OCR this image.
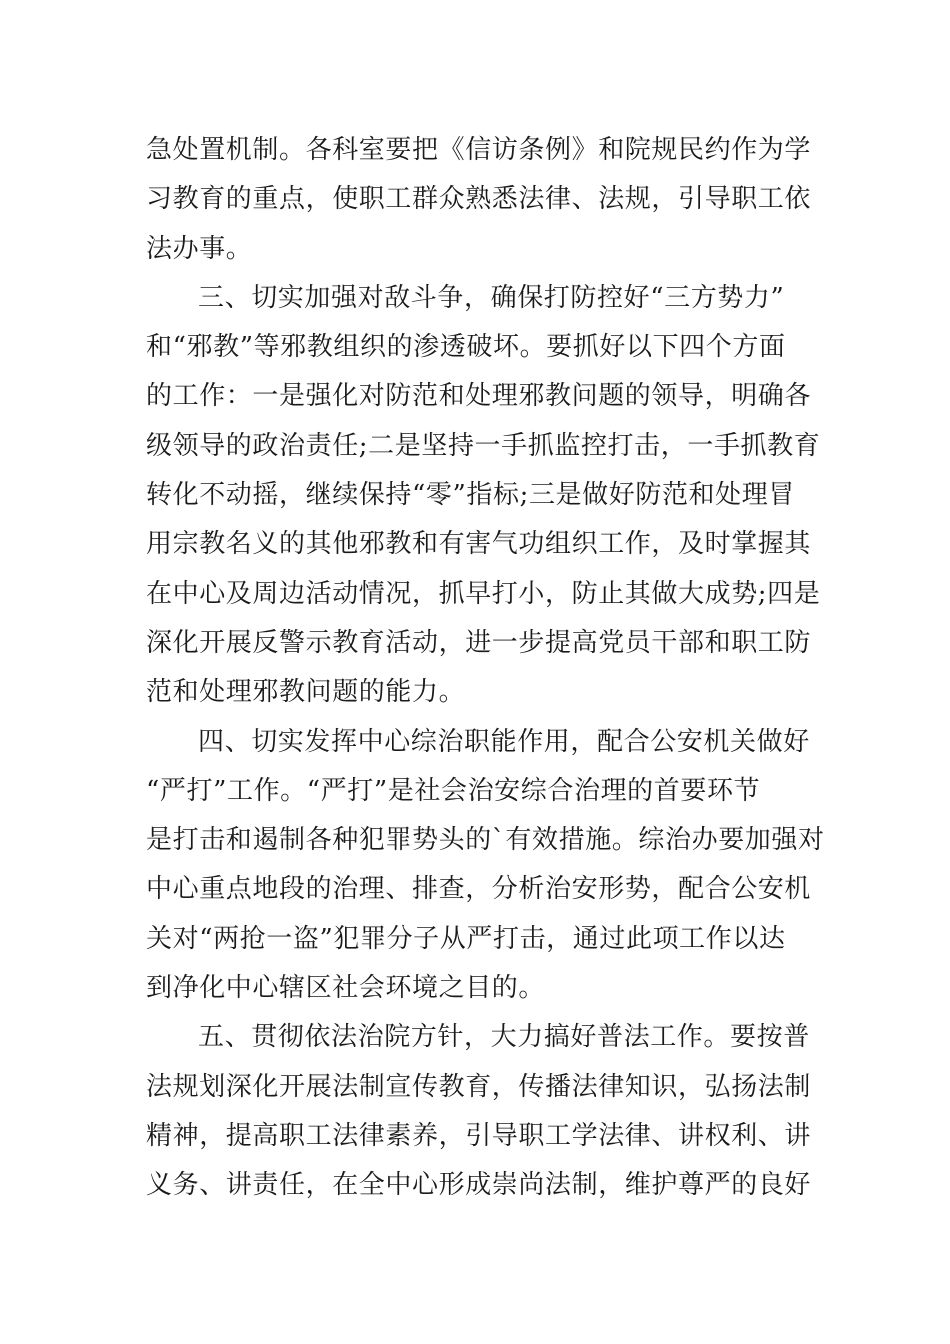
急处置机制。各科室要把《信访条例》和院规民约作为学
习教育的重点，使职工群众熟悉法律、法规，引导职工依
法办事。
三、切实加强对敌斗争，确保打防控好“三方势力”
和“邪教”等邪教组织的渗透破坏。要抓好以下四个方面
的工作：一是强化对防范和处理邪教问题的领导，明确各
级领导的政治责任;二是坚持一手抓监控打击，一手抓教育
转化不动摇，继续保持“零”指标;三是做好防范和处理冒
用宗教名义的其他邪教和有害气功组织工作，及时掌握其
在中心及周边活动情况，抓早打小，防止其做大成势;四是
深化开展反警示教育活动，进一步提高党员干部和职工防
范和处理邪教问题的能力。
四、切实发挥中心综治职能作用，配合公安机关做好
“严打”工作。“严打”是社会治安综合治理的首要环节
是打击和遏制各种犯罪势头的`有效措施。综治办要加强对
中心重点地段的治理、排查，分析治安形势，配合公安机
关对“两抢一盗”犯罪分子从严打击，通过此项工作以达
到净化中心辖区社会环境之目的。
五、贯彻依法治院方针，大力搞好普法工作。要按普
法规划深化开展法制宣传教育，传播法律知识，弘扬法制
精神，提高职工法律素养，引导职工学法律、讲权利、讲
义务、讲责任，在全中心形成崇尚法制，维护尊严的良好
